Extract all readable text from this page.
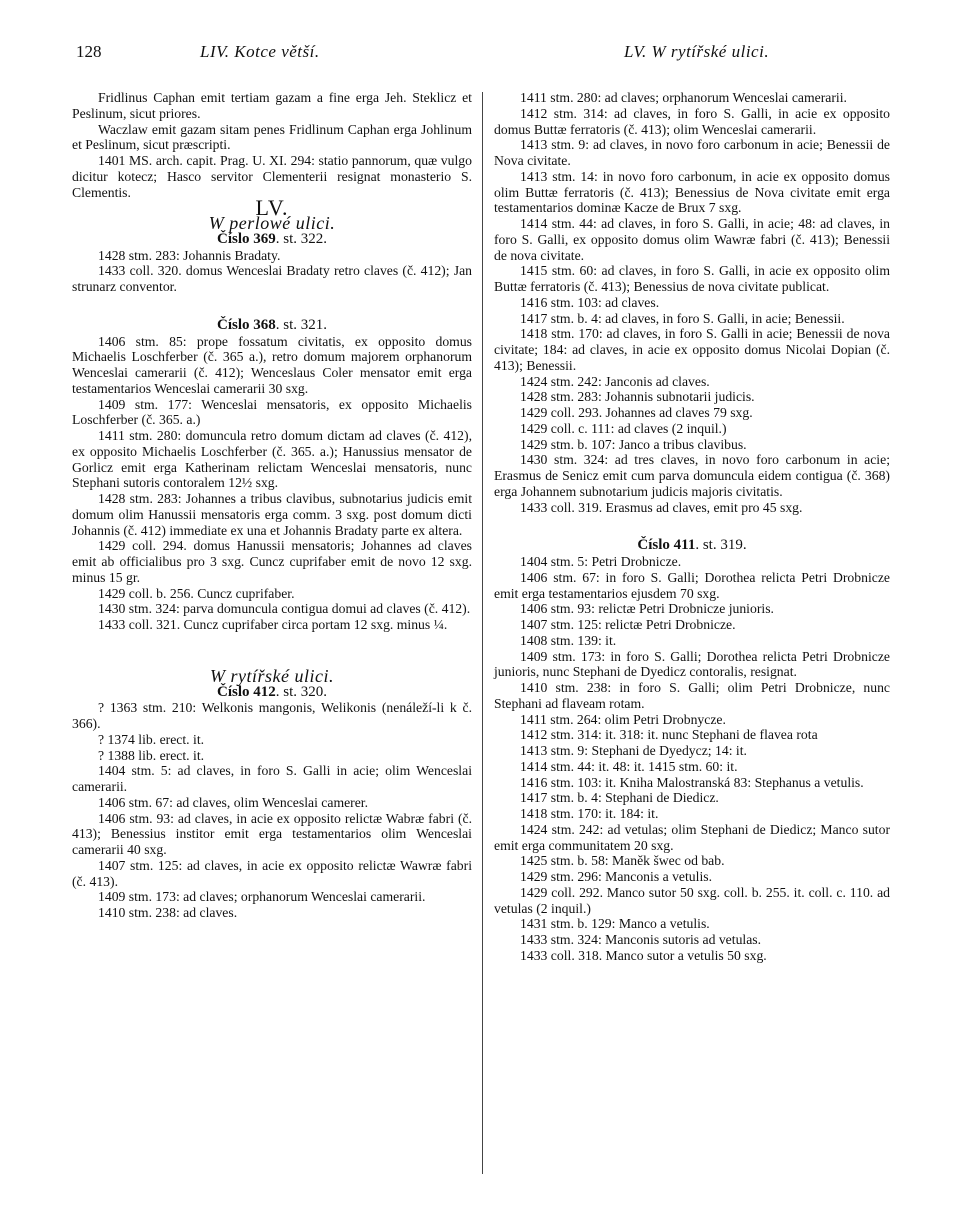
128	LIV. Kotce větší.	LV. W rytířské ulici.

Fridlinus Caphan emit tertiam gazam a fine erga Jeh. Steklicz et Peslinum, sicut priores.

Waczlaw emit gazam sitam penes Fridlinum Caphan erga Johlinum et Peslinum, sicut præscripti.

1401 MS. arch. capit. Prag. U. XI. 294: statio pannorum, quæ vulgo dicitur kotecz; Hasco servitor Clementerii resignat monasterio S. Clementis.

LV.

W perlowé ulici.

Číslo 369. st. 322.

1428 stm. 283: Johannis Bradaty.

1433 coll. 320. domus Wenceslai Bradaty retro claves (č. 412); Jan strunarz conventor.

Číslo 368. st. 321.

1406 stm. 85: prope fossatum civitatis, ex opposito domus Michaelis Loschferber (č. 365 a.), retro domum majorem orphanorum Wenceslai camerarii (č. 412); Wenceslaus Coler mensator emit erga testamentarios Wenceslai camerarii 30 sxg.

1409 stm. 177: Wenceslai mensatoris, ex opposito Michaelis Loschferber (č. 365. a.)

1411 stm. 280: domuncula retro domum dictam ad claves (č. 412), ex opposito Michaelis Loschferber (č. 365. a.); Hanussius mensator de Gorlicz emit erga Katherinam relictam Wenceslai mensatoris, nunc Stephani sutoris contoralem 12½ sxg.

1428 stm. 283: Johannes a tribus clavibus, subnotarius judicis emit domum olim Hanussii mensatoris erga comm. 3 sxg. post domum dicti Johannis (č. 412) immediate ex una et Johannis Bradaty parte ex altera.

1429 coll. 294. domus Hanussii mensatoris; Johannes ad claves emit ab officialibus pro 3 sxg. Cuncz cuprifaber emit de novo 12 sxg. minus 15 gr.

1429 coll. b. 256. Cuncz cuprifaber.

1430 stm. 324: parva domuncula contigua domui ad claves (č. 412).

1433 coll. 321. Cuncz cuprifaber circa portam 12 sxg. minus ¼.

W rytířské ulici.

Číslo 412. st. 320.

? 1363 stm. 210: Welkonis mangonis, Welikonis (nenáleží-li k č. 366).

? 1374 lib. erect. it.

? 1388 lib. erect. it.

1404 stm. 5: ad claves, in foro S. Galli in acie; olim Wenceslai camerarii.

1406 stm. 67: ad claves, olim Wenceslai camerer.

1406 stm. 93: ad claves, in acie ex opposito relictæ Wabræ fabri (č. 413); Benessius institor emit erga testamentarios olim Wenceslai camerarii 40 sxg.

1407 stm. 125: ad claves, in acie ex opposito relictæ Wawræ fabri (č. 413).

1409 stm. 173: ad claves; orphanorum Wenceslai camerarii.

1410 stm. 238: ad claves.

1411 stm. 280: ad claves; orphanorum Wenceslai camerarii.

1412 stm. 314: ad claves, in foro S. Galli, in acie ex opposito domus Buttæ ferratoris (č. 413); olim Wenceslai camerarii.

1413 stm. 9: ad claves, in novo foro carbonum in acie; Benessii de Nova civitate.

1413 stm. 14: in novo foro carbonum, in acie ex opposito domus olim Buttæ ferratoris (č. 413); Benessius de Nova civitate emit erga testamentarios dominæ Kacze de Brux 7 sxg.

1414 stm. 44: ad claves, in foro S. Galli, in acie; 48: ad claves, in foro S. Galli, ex opposito domus olim Wawræ fabri (č. 413); Benessii de nova civitate.

1415 stm. 60: ad claves, in foro S. Galli, in acie ex opposito olim Buttæ ferratoris (č. 413); Benessius de nova civitate publicat.

1416 stm. 103: ad claves.

1417 stm. b. 4: ad claves, in foro S. Galli, in acie; Benessii.

1418 stm. 170: ad claves, in foro S. Galli in acie; Benessii de nova civitate; 184: ad claves, in acie ex opposito domus Nicolai Dopian (č. 413); Benessii.

1424 stm. 242: Janconis ad claves.

1428 stm. 283: Johannis subnotarii judicis.

1429 coll. 293. Johannes ad claves 79 sxg.

1429 coll. c. 111: ad claves (2 inquil.)

1429 stm. b. 107: Janco a tribus clavibus.

1430 stm. 324: ad tres claves, in novo foro carbonum in acie; Erasmus de Senicz emit cum parva domuncula eidem contigua (č. 368) erga Johannem subnotarium judicis majoris civitatis.

1433 coll. 319. Erasmus ad claves, emit pro 45 sxg.

Číslo 411. st. 319.

1404 stm. 5: Petri Drobnicze.

1406 stm. 67: in foro S. Galli; Dorothea relicta Petri Drobnicze emit erga testamentarios ejusdem 70 sxg.

1406 stm. 93: relictæ Petri Drobnicze junioris.

1407 stm. 125: relictæ Petri Drobnicze.

1408 stm. 139: it.

1409 stm. 173: in foro S. Galli; Dorothea relicta Petri Drobnicze junioris, nunc Stephani de Dyedicz contoralis, resignat.

1410 stm. 238: in foro S. Galli; olim Petri Drobnicze, nunc Stephani ad flaveam rotam.

1411 stm. 264: olim Petri Drobnycze.

1412 stm. 314: it. 318: it. nunc Stephani de flavea rota

1413 stm. 9: Stephani de Dyedycz; 14: it.

1414 stm. 44: it. 48: it. 1415 stm. 60: it.

1416 stm. 103: it. Kniha Malostranská 83: Stephanus a vetulis.

1417 stm. b. 4: Stephani de Diedicz.

1418 stm. 170: it. 184: it.

1424 stm. 242: ad vetulas; olim Stephani de Diedicz; Manco sutor emit erga communitatem 20 sxg.

1425 stm. b. 58: Maněk šwec od bab.

1429 stm. 296: Manconis a vetulis.

1429 coll. 292. Manco sutor 50 sxg. coll. b. 255. it. coll. c. 110. ad vetulas (2 inquil.)

1431 stm. b. 129: Manco a vetulis.

1433 stm. 324: Manconis sutoris ad vetulas.

1433 coll. 318. Manco sutor a vetulis 50 sxg.
